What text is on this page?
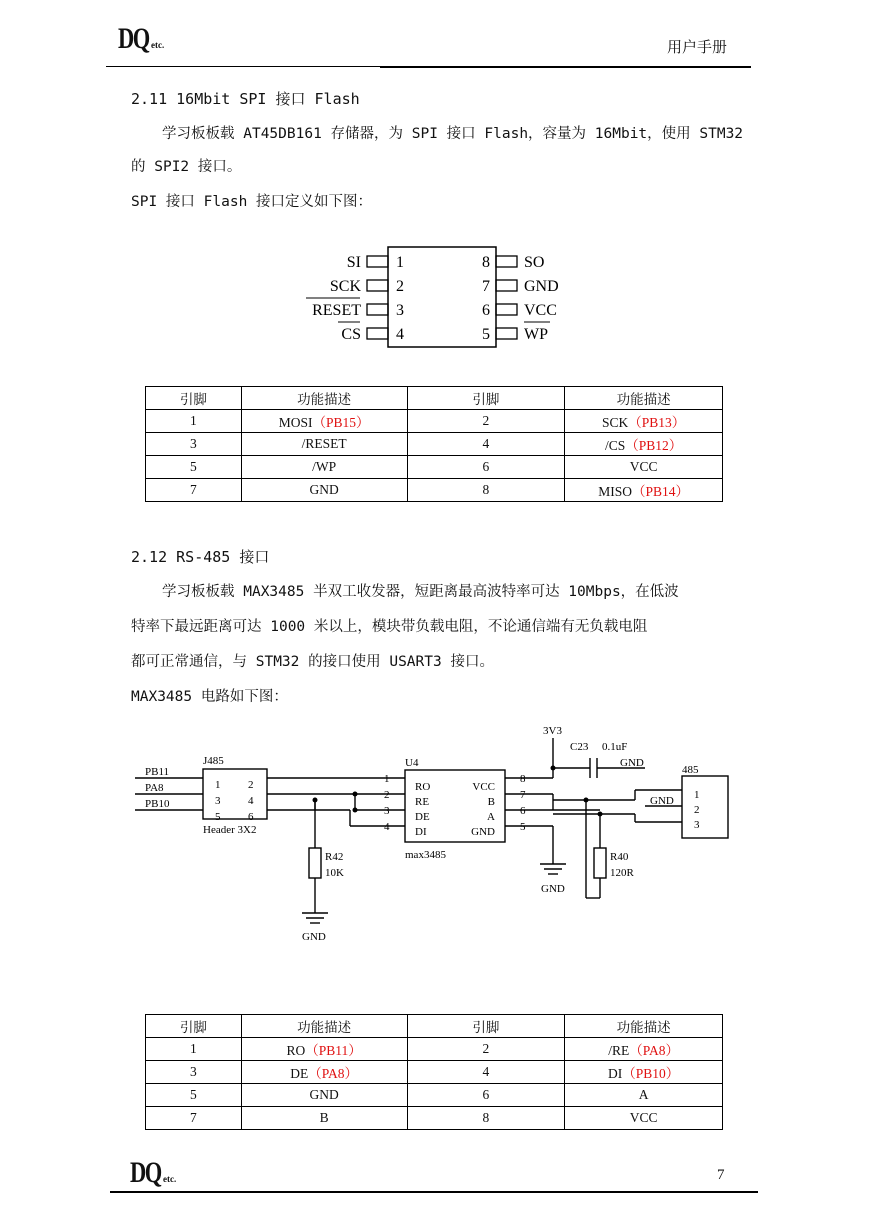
DQ etc.	用户手册
2.11 16Mbit SPI 接口 Flash
学习板板载 AT45DB161 存储器，为 SPI 接口 Flash，容量为 16Mbit，使用 STM32
的 SPI2 接口。
SPI 接口 Flash 接口定义如下图：
SI 1
SCK 2
RESET 3
CS 4
8 SO
7 GND
6 VCC
5 WP
引脚	功能描述	引脚	功能描述
1	MOSI（PB15）	2	SCK（PB13）
3	/RESET	4	/CS（PB12）
5	/WP	6	VCC
7	GND	8	MISO（PB14）
2.12 RS-485 接口
学习板板载 MAX3485 半双工收发器，短距离最高波特率可达 10Mbps，在低波
特率下最远距离可达 1000 米以上，模块带负载电阻，不论通信端有无负载电阻
都可正常通信，与 STM32 的接口使用 USART3 接口。
MAX3485 电路如下图：
PB11
PA8
PB10
J485
Header 3X2
1
3
5
2
4
6
U4
max3485
1
2
3
4
RO
RE
DE
DI
VCC
B
A
GND
8
7
6
5
3V3
C23 0.1uF
GND
R42
10K
GND
GND
R40
120R
485
GND 1
2
3
引脚	功能描述	引脚	功能描述
1	RO（PB11）	2	/RE（PA8）
3	DE（PA8）	4	DI（PB10）
5	GND	6	A
7	B	8	VCC
DQ etc.	7
